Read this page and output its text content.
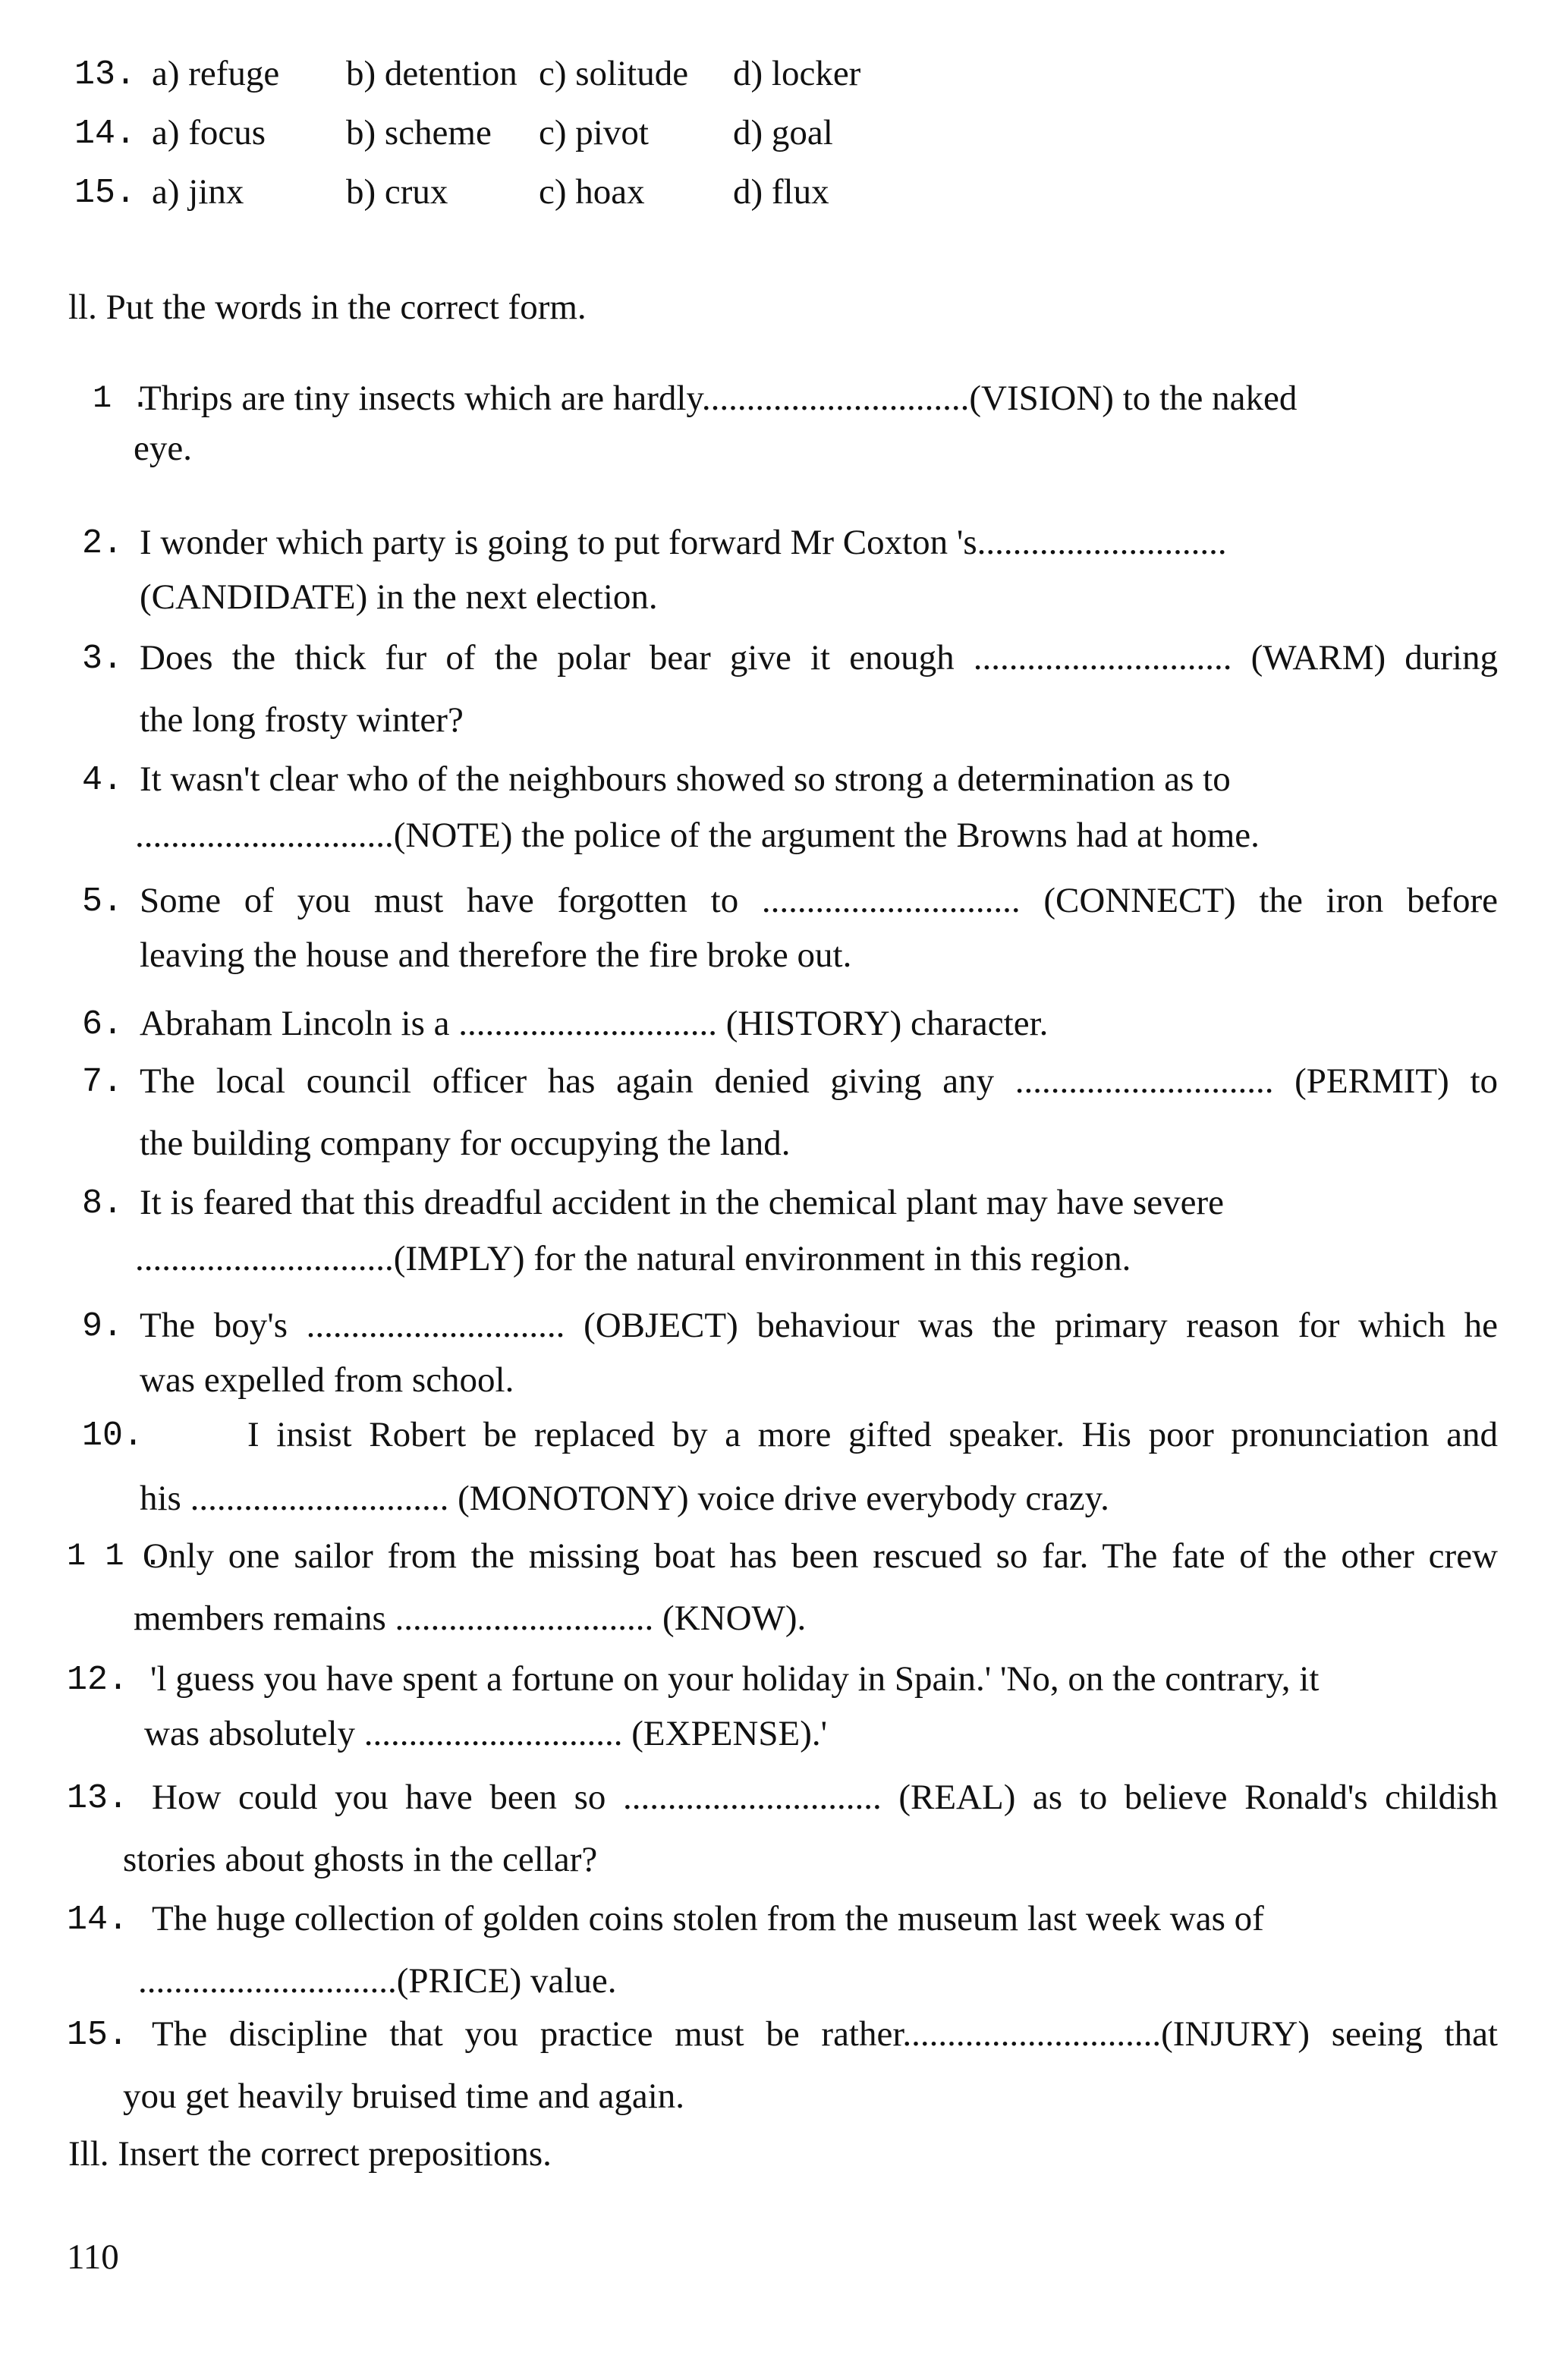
13. a) refuge b) detention c) solitude d) locker
14. a) focus b) scheme c) pivot d) goal
15. a) jinx	b) crux	c) hoax d) flux
ll. Put the words in the correct form.
1 .
Thrips are tiny insects which are hardly..............................(VISION) to the naked
eye.
2. I wonder which party is going to put forward Mr Coxton 's............................
(CANDIDATE) in the next election.
3. Does the thick fur of the polar bear give it enough ............................. (WARM) during
the long frosty winter?
4. It wasn't clear who of the neighbours showed so strong a determination as to
.............................(NOTE) the police of the argument the Browns had at home.
5. Some of you must have forgotten to ............................. (CONNECT) the iron before
leaving the house and therefore the fire broke out.
6. Abraham Lincoln is a ............................. (HISTORY) character.
7. The local council officer has again denied giving any ............................. (PERMIT) to
the building company for occupying the land.
8. It is feared that this dreadful accident in the chemical plant may have severe
.............................(IMPLY) for the natural environment in this region.
9. The boy's ............................. (OBJECT) behaviour was the primary reason for which he
was expelled from school.
10.	I insist Robert be replaced by a more gifted speaker. His poor pronunciation and
his ............................. (MONOTONY) voice drive everybody crazy.
1 1 .
Only one sailor from the missing boat has been rescued so far. The fate of the other crew
members remains ............................. (KNOW).
12. 'l guess you have spent a fortune on your holiday in Spain.' 'No, on the contrary, it
was absolutely ............................. (EXPENSE).'
13. How could you have been so ............................. (REAL) as to believe Ronald's childish
stories about ghosts in the cellar?
14. The huge collection of golden coins stolen from the museum last week was of
.............................(PRICE) value.
15. The discipline that you practice must be rather.............................(INJURY) seeing that
you get heavily bruised time and again.
Ill. Insert the correct prepositions.
110
